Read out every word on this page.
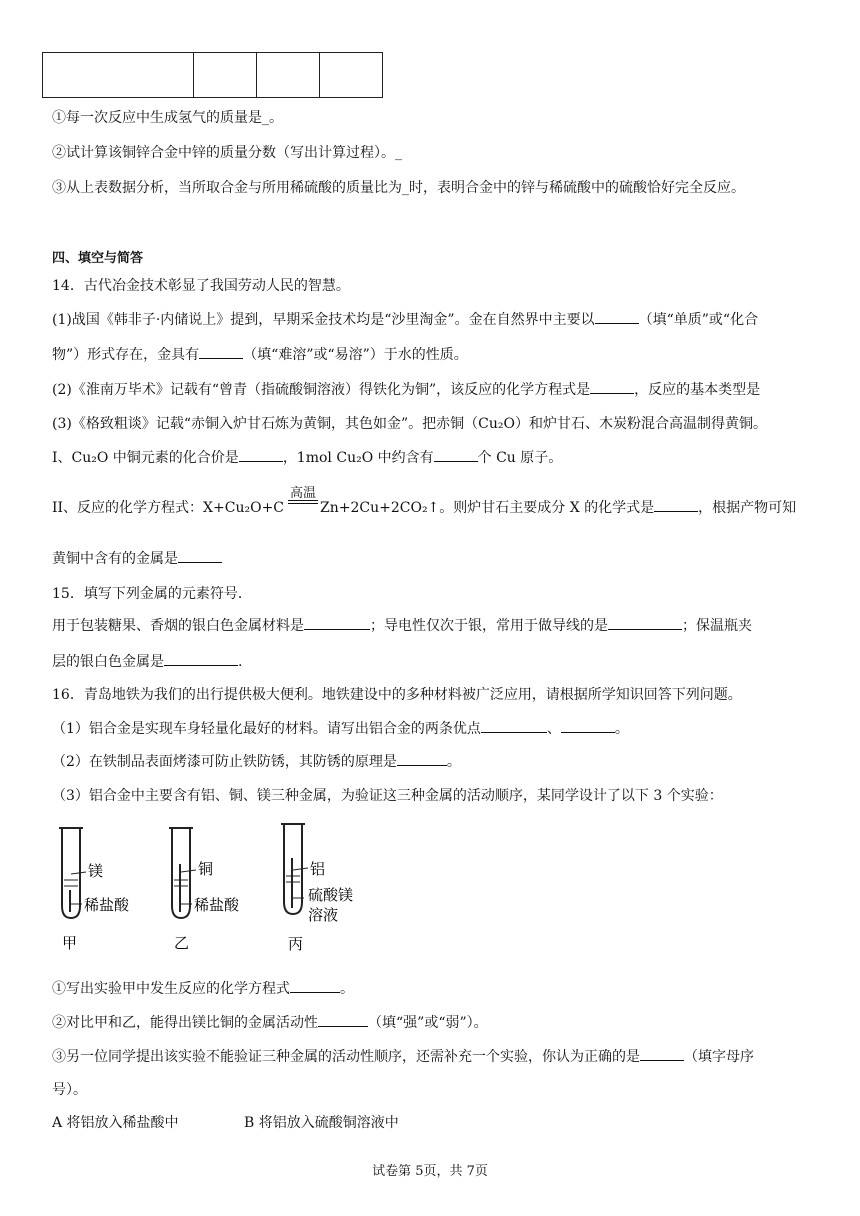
①每一次反应中生成氢气的质量是_。
②试计算该铜锌合金中锌的质量分数（写出计算过程）。_
③从上表数据分析，当所取合金与所用稀硫酸的质量比为_时，表明合金中的锌与稀硫酸中的硫酸恰好完全反应。
四、填空与简答
14．古代冶金技术彰显了我国劳动人民的智慧。
(1)战国《韩非子·内储说上》提到，早期采金技术均是“沙里淘金”。金在自然界中主要以	（填“单质”或“化合
物”）形式存在，金具有	（填“难溶”或“易溶”）于水的性质。
(2)《淮南万毕术》记载有“曾青（指硫酸铜溶液）得铁化为铜”，该反应的化学方程式是	，反应的基本类型是
(3)《格致粗谈》记载“赤铜入炉甘石炼为黄铜，其色如金”。把赤铜（Cu₂O）和炉甘石、木炭粉混合高温制得黄铜。
I、Cu₂O 中铜元素的化合价是	，1mol Cu₂O 中约含有	个 Cu 原子。
高温
II、反应的化学方程式：X+Cu₂O+C	Zn+2Cu+2CO₂↑。则炉甘石主要成分 X 的化学式是	，根据产物可知
黄铜中含有的金属是
15．填写下列金属的元素符号．
用于包装糖果、香烟的银白色金属材料是	；导电性仅次于银，常用于做导线的是	；保温瓶夹
层的银白色金属是	.
16．青岛地铁为我们的出行提供极大便利。地铁建设中的多种材料被广泛应用，请根据所学知识回答下列问题。
（1）铝合金是实现车身轻量化最好的材料。请写出铝合金的两条优点	、	。
（2）在铁制品表面烤漆可防止铁防锈，其防锈的原理是	。
（3）铝合金中主要含有铝、铜、镁三种金属，为验证这三种金属的活动顺序，某同学设计了以下 3 个实验：
镁
稀盐酸
甲
铜
稀盐酸
乙
铝
硫酸镁
溶液
丙
①写出实验甲中发生反应的化学方程式	。
②对比甲和乙，能得出镁比铜的金属活动性	（填“强”或“弱”）。
③另一位同学提出该实验不能验证三种金属的活动性顺序，还需补充一个实验，你认为正确的是	（填字母序
号）。
A 将铝放入稀盐酸中	B 将铝放入硫酸铜溶液中
试卷第 5页，共 7页
